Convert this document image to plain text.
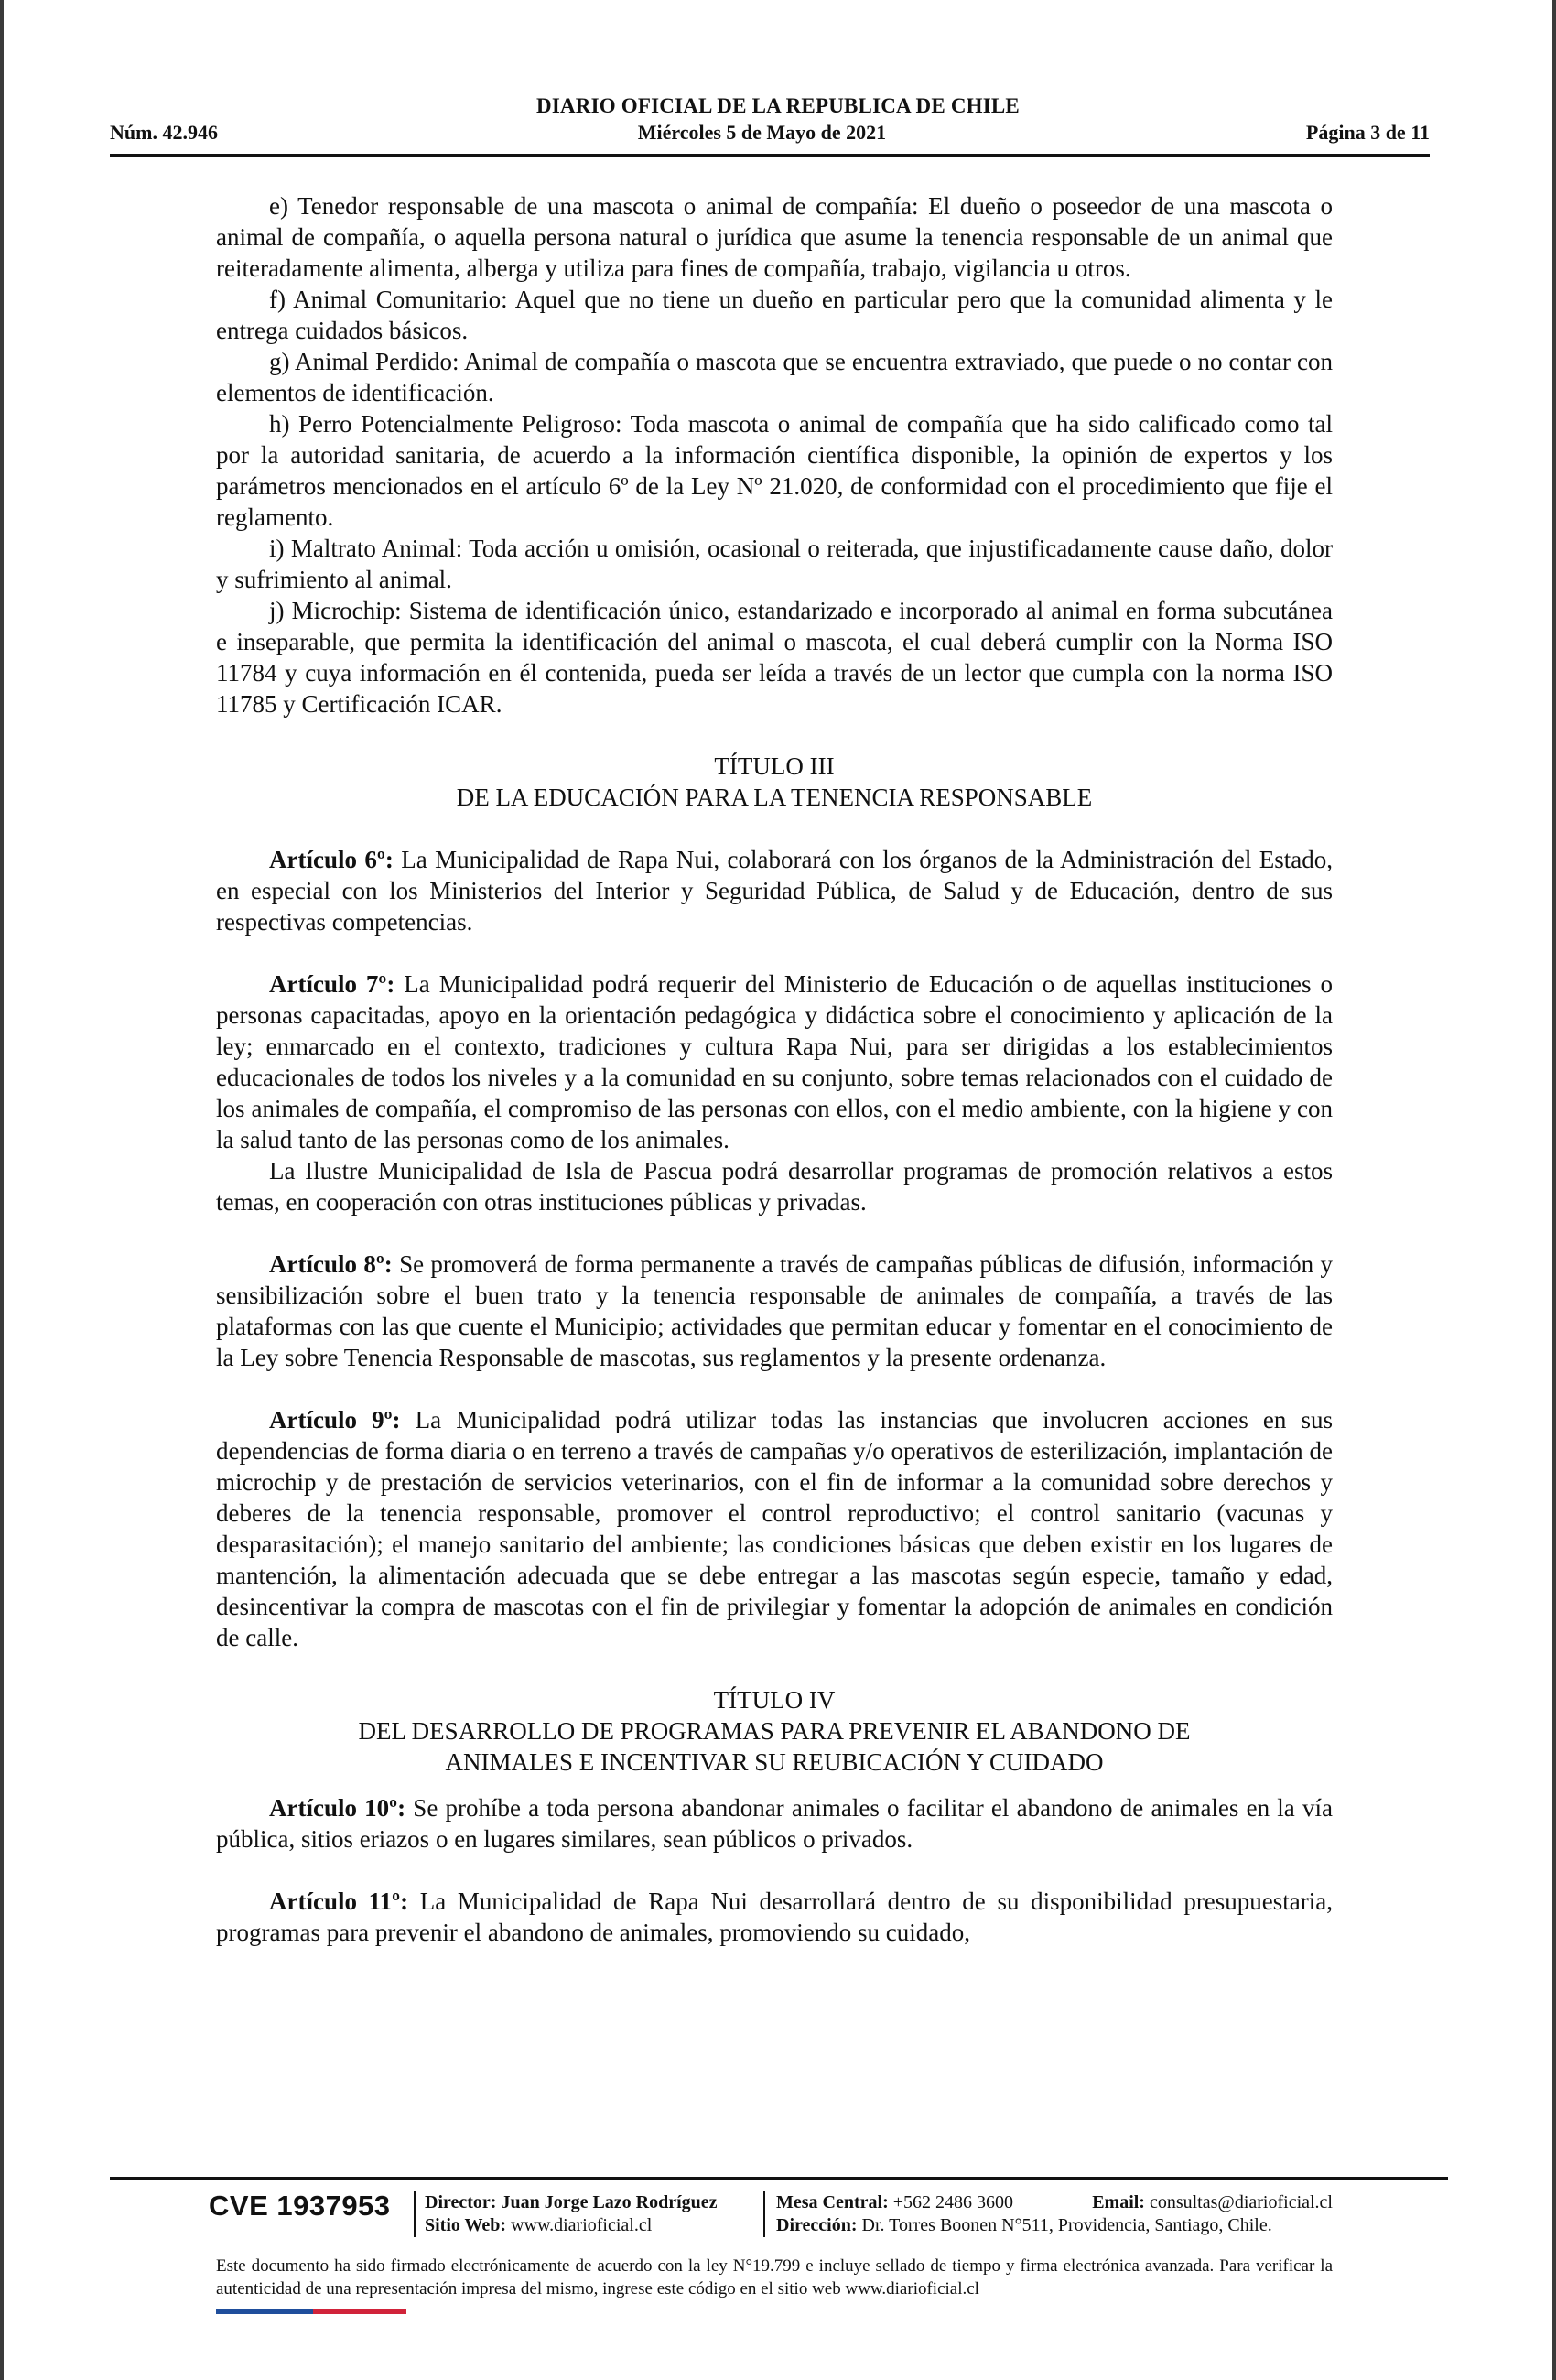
DIARIO OFICIAL DE LA REPUBLICA DE CHILE
Núm. 42.946	Miércoles 5 de Mayo de 2021	Página 3 de 11

e) Tenedor responsable de una mascota o animal de compañía: El dueño o poseedor de una mascota o animal de compañía, o aquella persona natural o jurídica que asume la tenencia responsable de un animal que reiteradamente alimenta, alberga y utiliza para fines de compañía, trabajo, vigilancia u otros.

f) Animal Comunitario: Aquel que no tiene un dueño en particular pero que la comunidad alimenta y le entrega cuidados básicos.

g) Animal Perdido: Animal de compañía o mascota que se encuentra extraviado, que puede o no contar con elementos de identificación.

h) Perro Potencialmente Peligroso: Toda mascota o animal de compañía que ha sido calificado como tal por la autoridad sanitaria, de acuerdo a la información científica disponible, la opinión de expertos y los parámetros mencionados en el artículo 6º de la Ley Nº 21.020, de conformidad con el procedimiento que fije el reglamento.

i) Maltrato Animal: Toda acción u omisión, ocasional o reiterada, que injustificadamente cause daño, dolor y sufrimiento al animal.

j) Microchip: Sistema de identificación único, estandarizado e incorporado al animal en forma subcutánea e inseparable, que permita la identificación del animal o mascota, el cual deberá cumplir con la Norma ISO 11784 y cuya información en él contenida, pueda ser leída a través de un lector que cumpla con la norma ISO 11785 y Certificación ICAR.

TÍTULO III
DE LA EDUCACIÓN PARA LA TENENCIA RESPONSABLE

Artículo 6º: La Municipalidad de Rapa Nui, colaborará con los órganos de la Administración del Estado, en especial con los Ministerios del Interior y Seguridad Pública, de Salud y de Educación, dentro de sus respectivas competencias.

Artículo 7º: La Municipalidad podrá requerir del Ministerio de Educación o de aquellas instituciones o personas capacitadas, apoyo en la orientación pedagógica y didáctica sobre el conocimiento y aplicación de la ley; enmarcado en el contexto, tradiciones y cultura Rapa Nui, para ser dirigidas a los establecimientos educacionales de todos los niveles y a la comunidad en su conjunto, sobre temas relacionados con el cuidado de los animales de compañía, el compromiso de las personas con ellos, con el medio ambiente, con la higiene y con la salud tanto de las personas como de los animales.

La Ilustre Municipalidad de Isla de Pascua podrá desarrollar programas de promoción relativos a estos temas, en cooperación con otras instituciones públicas y privadas.

Artículo 8º: Se promoverá de forma permanente a través de campañas públicas de difusión, información y sensibilización sobre el buen trato y la tenencia responsable de animales de compañía, a través de las plataformas con las que cuente el Municipio; actividades que permitan educar y fomentar en el conocimiento de la Ley sobre Tenencia Responsable de mascotas, sus reglamentos y la presente ordenanza.

Artículo 9º: La Municipalidad podrá utilizar todas las instancias que involucren acciones en sus dependencias de forma diaria o en terreno a través de campañas y/o operativos de esterilización, implantación de microchip y de prestación de servicios veterinarios, con el fin de informar a la comunidad sobre derechos y deberes de la tenencia responsable, promover el control reproductivo; el control sanitario (vacunas y desparasitación); el manejo sanitario del ambiente; las condiciones básicas que deben existir en los lugares de mantención, la alimentación adecuada que se debe entregar a las mascotas según especie, tamaño y edad, desincentivar la compra de mascotas con el fin de privilegiar y fomentar la adopción de animales en condición de calle.

TÍTULO IV
DEL DESARROLLO DE PROGRAMAS PARA PREVENIR EL ABANDONO DE
ANIMALES E INCENTIVAR SU REUBICACIÓN Y CUIDADO

Artículo 10º: Se prohíbe a toda persona abandonar animales o facilitar el abandono de animales en la vía pública, sitios eriazos o en lugares similares, sean públicos o privados.

Artículo 11º: La Municipalidad de Rapa Nui desarrollará dentro de su disponibilidad presupuestaria, programas para prevenir el abandono de animales, promoviendo su cuidado,

CVE 1937953 Director: Juan Jorge Lazo Rodríguez
Sitio Web: www.diarioficial.cl
Mesa Central: +562 2486 3600	Email: consultas@diarioficial.cl
Dirección: Dr. Torres Boonen N°511, Providencia, Santiago, Chile.
Este documento ha sido firmado electrónicamente de acuerdo con la ley N°19.799 e incluye sellado de tiempo y firma electrónica avanzada. Para verificar la autenticidad de una representación impresa del mismo, ingrese este código en el sitio web www.diarioficial.cl
